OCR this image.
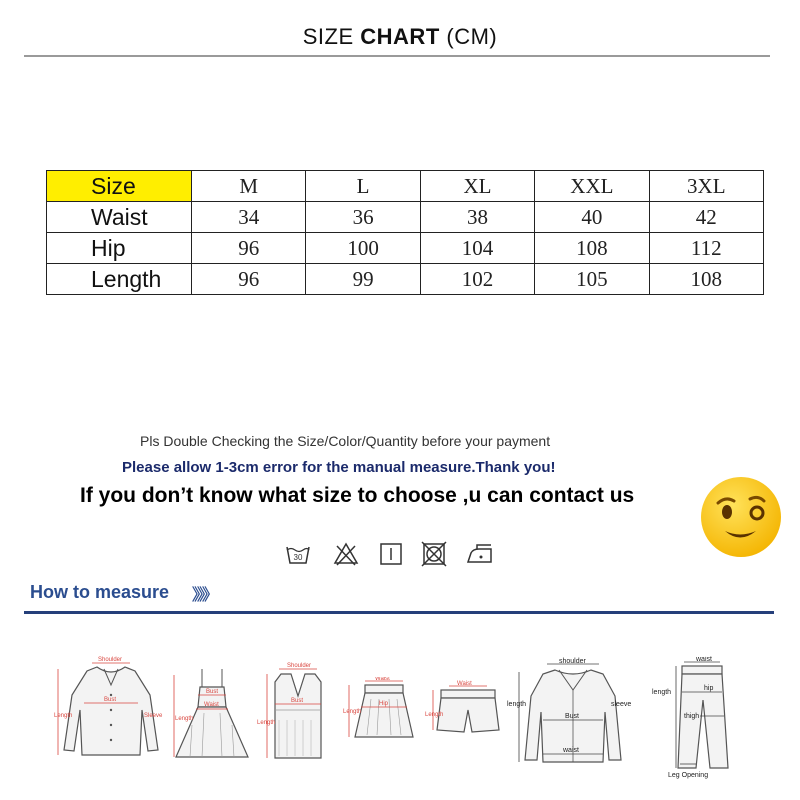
SIZE CHART (CM)
Size	M	L	XL	XXL	3XL
Waist	34	36	38	40	42
Hip	96	100	104	108	112
Length	96	99	102	105	108
Pls Double Checking the Size/Color/Quantity before your payment
Please allow 1-3cm error for the manual measure.Thank you!
If you don’t know what size to choose ,u can contact us
30
How to measure 》》》
Shoulder
Bust
Length	Sleeve
Bust
Waist
Length
Shoulder
Bust
Length
Waist
Hip
Length
Waist
Length
shoulder
Bust
waist
length	sleeve
waist
hip
thigh
length
Leg Opening
